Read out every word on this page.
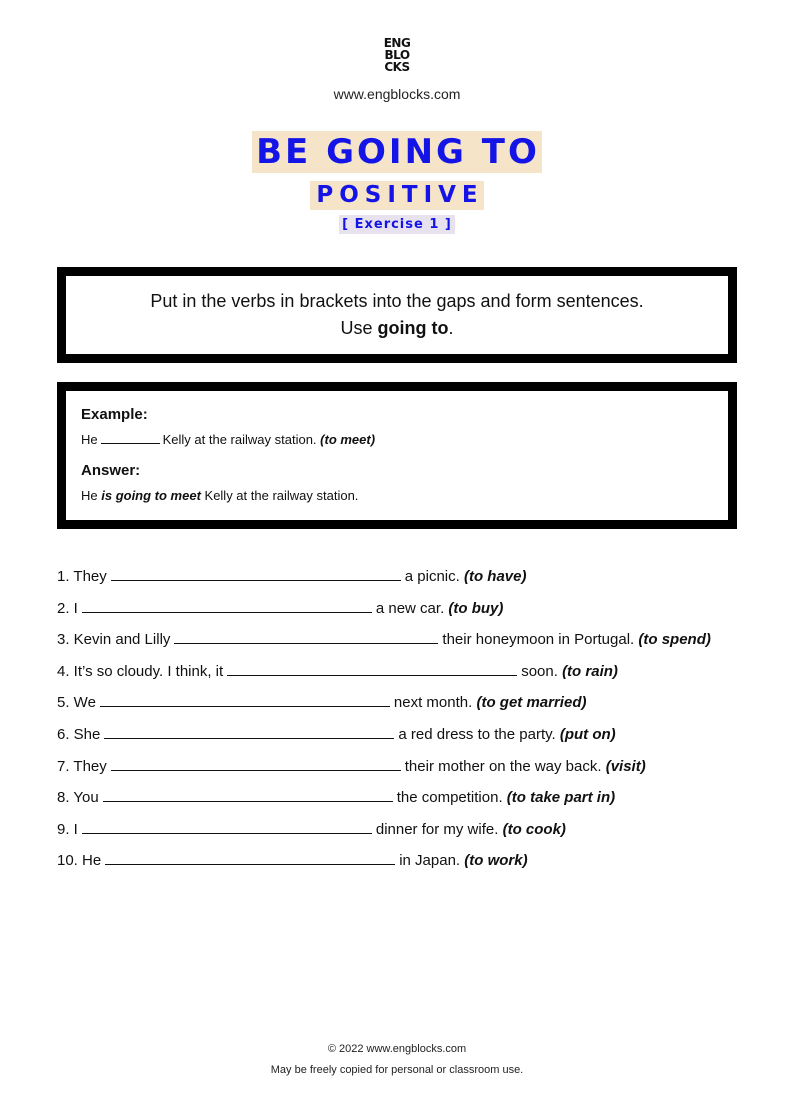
ENG
BLO
CKS
www.engblocks.com
BE GOING TO
POSITIVE
[ Exercise 1 ]
Put in the verbs in brackets into the gaps and form sentences.
Use going to.
Example:
He	Kelly at the railway station. (to meet)
Answer:
He is going to meet Kelly at the railway station.
1. They	a picnic. (to have)
2. I	a new car. (to buy)
3. Kevin and Lilly	their honeymoon in Portugal. (to spend)
4. It’s so cloudy. I think, it	soon. (to rain)
5. We	next month. (to get married)
6. She	a red dress to the party. (put on)
7. They	their mother on the way back. (visit)
8. You	the competition. (to take part in)
9. I	dinner for my wife. (to cook)
10. He	in Japan. (to work)
© 2022 www.engblocks.com
May be freely copied for personal or classroom use.
